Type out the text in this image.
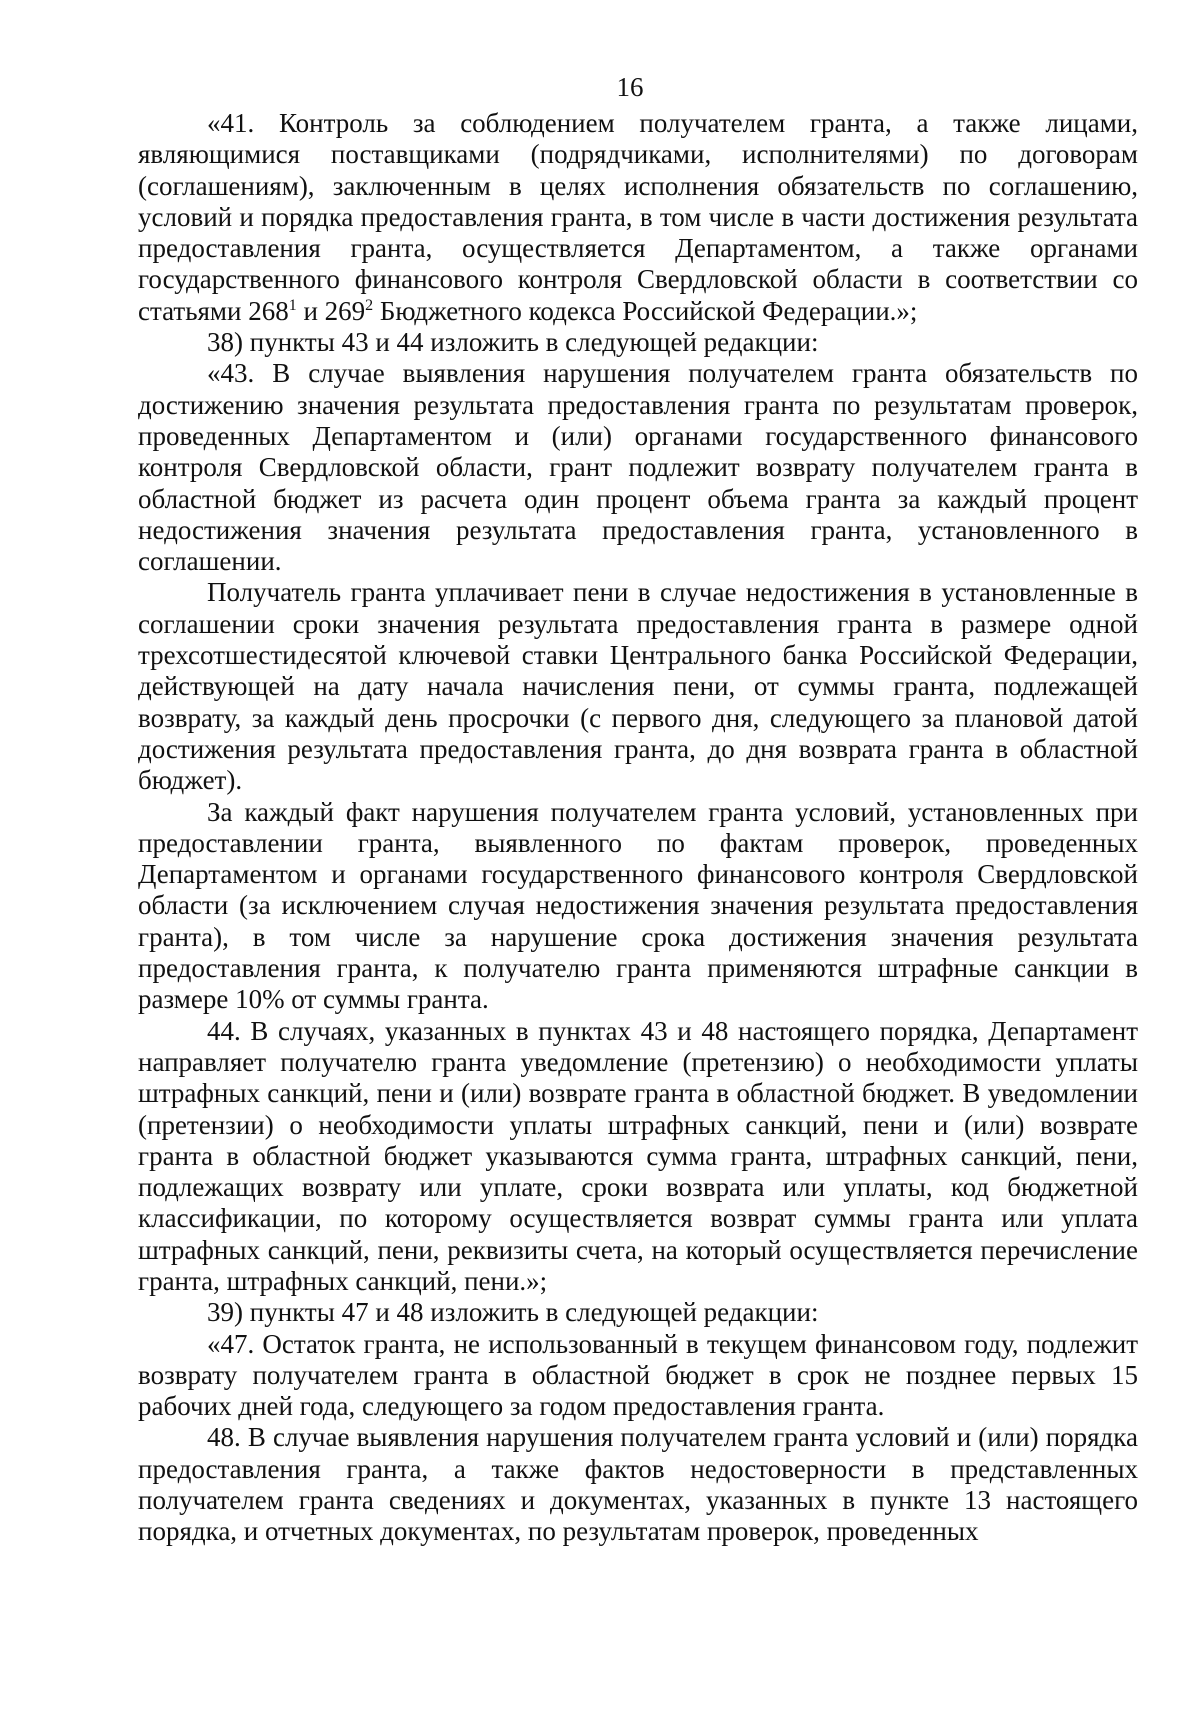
16

«41. Контроль за соблюдением получателем гранта, а также лицами, являющимися поставщиками (подрядчиками, исполнителями) по договорам (соглашениям), заключенным в целях исполнения обязательств по соглашению, условий и порядка предоставления гранта, в том числе в части достижения результата предоставления гранта, осуществляется Департаментом, а также органами государственного финансового контроля Свердловской области в соответствии со статьями $268^1$ и $269^2$ Бюджетного кодекса Российской Федерации.»;

38) пункты 43 и 44 изложить в следующей редакции:

«43. В случае выявления нарушения получателем гранта обязательств по достижению значения результата предоставления гранта по результатам проверок, проведенных Департаментом и (или) органами государственного финансового контроля Свердловской области, грант подлежит возврату получателем гранта в областной бюджет из расчета один процент объема гранта за каждый процент недостижения значения результата предоставления гранта, установленного в соглашении.

Получатель гранта уплачивает пени в случае недостижения в установленные в соглашении сроки значения результата предоставления гранта в размере одной трехсотшестидесятой ключевой ставки Центрального банка Российской Федерации, действующей на дату начала начисления пени, от суммы гранта, подлежащей возврату, за каждый день просрочки (с первого дня, следующего за плановой датой достижения результата предоставления гранта, до дня возврата гранта в областной бюджет).

За каждый факт нарушения получателем гранта условий, установленных при предоставлении гранта, выявленного по фактам проверок, проведенных Департаментом и органами государственного финансового контроля Свердловской области (за исключением случая недостижения значения результата предоставления гранта), в том числе за нарушение срока достижения значения результата предоставления гранта, к получателю гранта применяются штрафные санкции в размере 10% от суммы гранта.

44. В случаях, указанных в пунктах 43 и 48 настоящего порядка, Департамент направляет получателю гранта уведомление (претензию) о необходимости уплаты штрафных санкций, пени и (или) возврате гранта в областной бюджет. В уведомлении (претензии) о необходимости уплаты штрафных санкций, пени и (или) возврате гранта в областной бюджет указываются сумма гранта, штрафных санкций, пени, подлежащих возврату или уплате, сроки возврата или уплаты, код бюджетной классификации, по которому осуществляется возврат суммы гранта или уплата штрафных санкций, пени, реквизиты счета, на который осуществляется перечисление гранта, штрафных санкций, пени.»;

39) пункты 47 и 48 изложить в следующей редакции:

«47. Остаток гранта, не использованный в текущем финансовом году, подлежит возврату получателем гранта в областной бюджет в срок не позднее первых 15 рабочих дней года, следующего за годом предоставления гранта.

48. В случае выявления нарушения получателем гранта условий и (или) порядка предоставления гранта, а также фактов недостоверности в представленных получателем гранта сведениях и документах, указанных в пункте 13 настоящего порядка, и отчетных документах, по результатам проверок, проведенных
